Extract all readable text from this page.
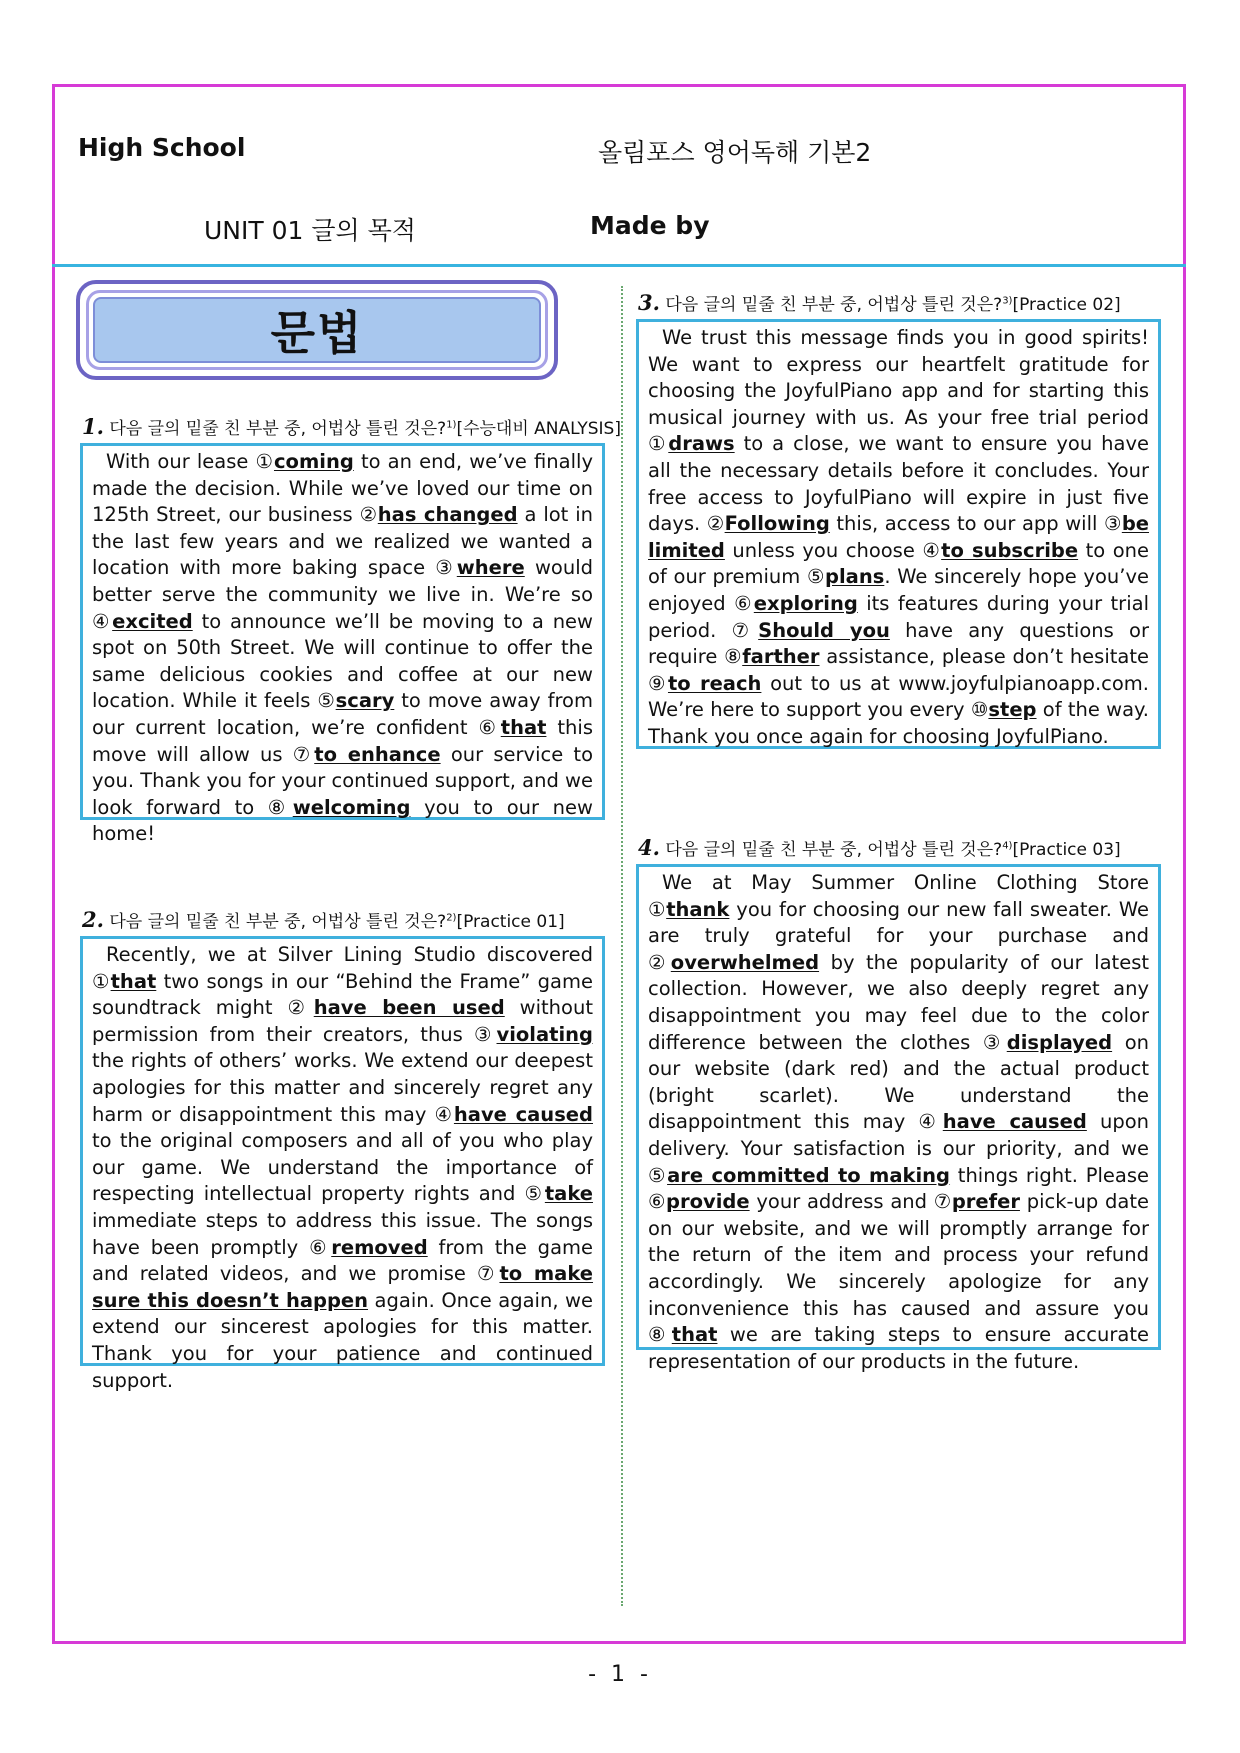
High School	올림포스 영어독해 기본2
UNIT 01 글의 목적	Made by
문법
1. 다음 글의 밑줄 친 부분 중, 어법상 틀린 것은?$^{1)}$[수능대비 ANALYSIS]

With our lease ①coming to an end, we’ve finally made the decision. While we’ve loved our time on 125th Street, our business ②has changed a lot in the last few years and we realized we wanted a location with more baking space ③where would better serve the community we live in. We’re so ④excited to announce we’ll be moving to a new spot on 50th Street. We will continue to offer the same delicious cookies and coffee at our new location. While it feels ⑤scary to move away from our current location, we’re confident ⑥that this move will allow us ⑦to enhance our service to you. Thank you for your continued support, and we look forward to ⑧welcoming you to our new home!

2. 다음 글의 밑줄 친 부분 중, 어법상 틀린 것은?$^{2)}$[Practice 01]

Recently, we at Silver Lining Studio discovered ①that two songs in our “Behind the Frame” game soundtrack might ②have been used without permission from their creators, thus ③violating the rights of others’ works. We extend our deepest apologies for this matter and sincerely regret any harm or disappointment this may ④have caused to the original composers and all of you who play our game. We understand the importance of respecting intellectual property rights and ⑤take immediate steps to address this issue. The songs have been promptly ⑥removed from the game and related videos, and we promise ⑦to make sure this doesn’t happen again. Once again, we extend our sincerest apologies for this matter. Thank you for your patience and continued support.

3. 다음 글의 밑줄 친 부분 중, 어법상 틀린 것은?$^{3)}$[Practice 02]

We trust this message finds you in good spirits! We want to express our heartfelt gratitude for choosing the JoyfulPiano app and for starting this musical journey with us. As your free trial period ①draws to a close, we want to ensure you have all the necessary details before it concludes. Your free access to JoyfulPiano will expire in just five days. ②Following this, access to our app will ③be limited unless you choose ④to subscribe to one of our premium ⑤plans. We sincerely hope you’ve enjoyed ⑥exploring its features during your trial period. ⑦Should you have any questions or require ⑧farther assistance, please don’t hesitate ⑨to reach out to us at www.joyfulpianoapp.com. We’re here to support you every ⑩step of the way. Thank you once again for choosing JoyfulPiano.

4. 다음 글의 밑줄 친 부분 중, 어법상 틀린 것은?$^{4)}$[Practice 03]

We at May Summer Online Clothing Store ①thank you for choosing our new fall sweater. We are truly grateful for your purchase and ②overwhelmed by the popularity of our latest collection. However, we also deeply regret any disappointment you may feel due to the color difference between the clothes ③displayed on our website (dark red) and the actual product (bright scarlet). We understand the disappointment this may ④have caused upon delivery. Your satisfaction is our priority, and we ⑤are committed to making things right. Please ⑥provide your address and ⑦prefer pick-up date on our website, and we will promptly arrange for the return of the item and process your refund accordingly. We sincerely apologize for any inconvenience this has caused and assure you ⑧that we are taking steps to ensure accurate representation of our products in the future.

- 1 -
